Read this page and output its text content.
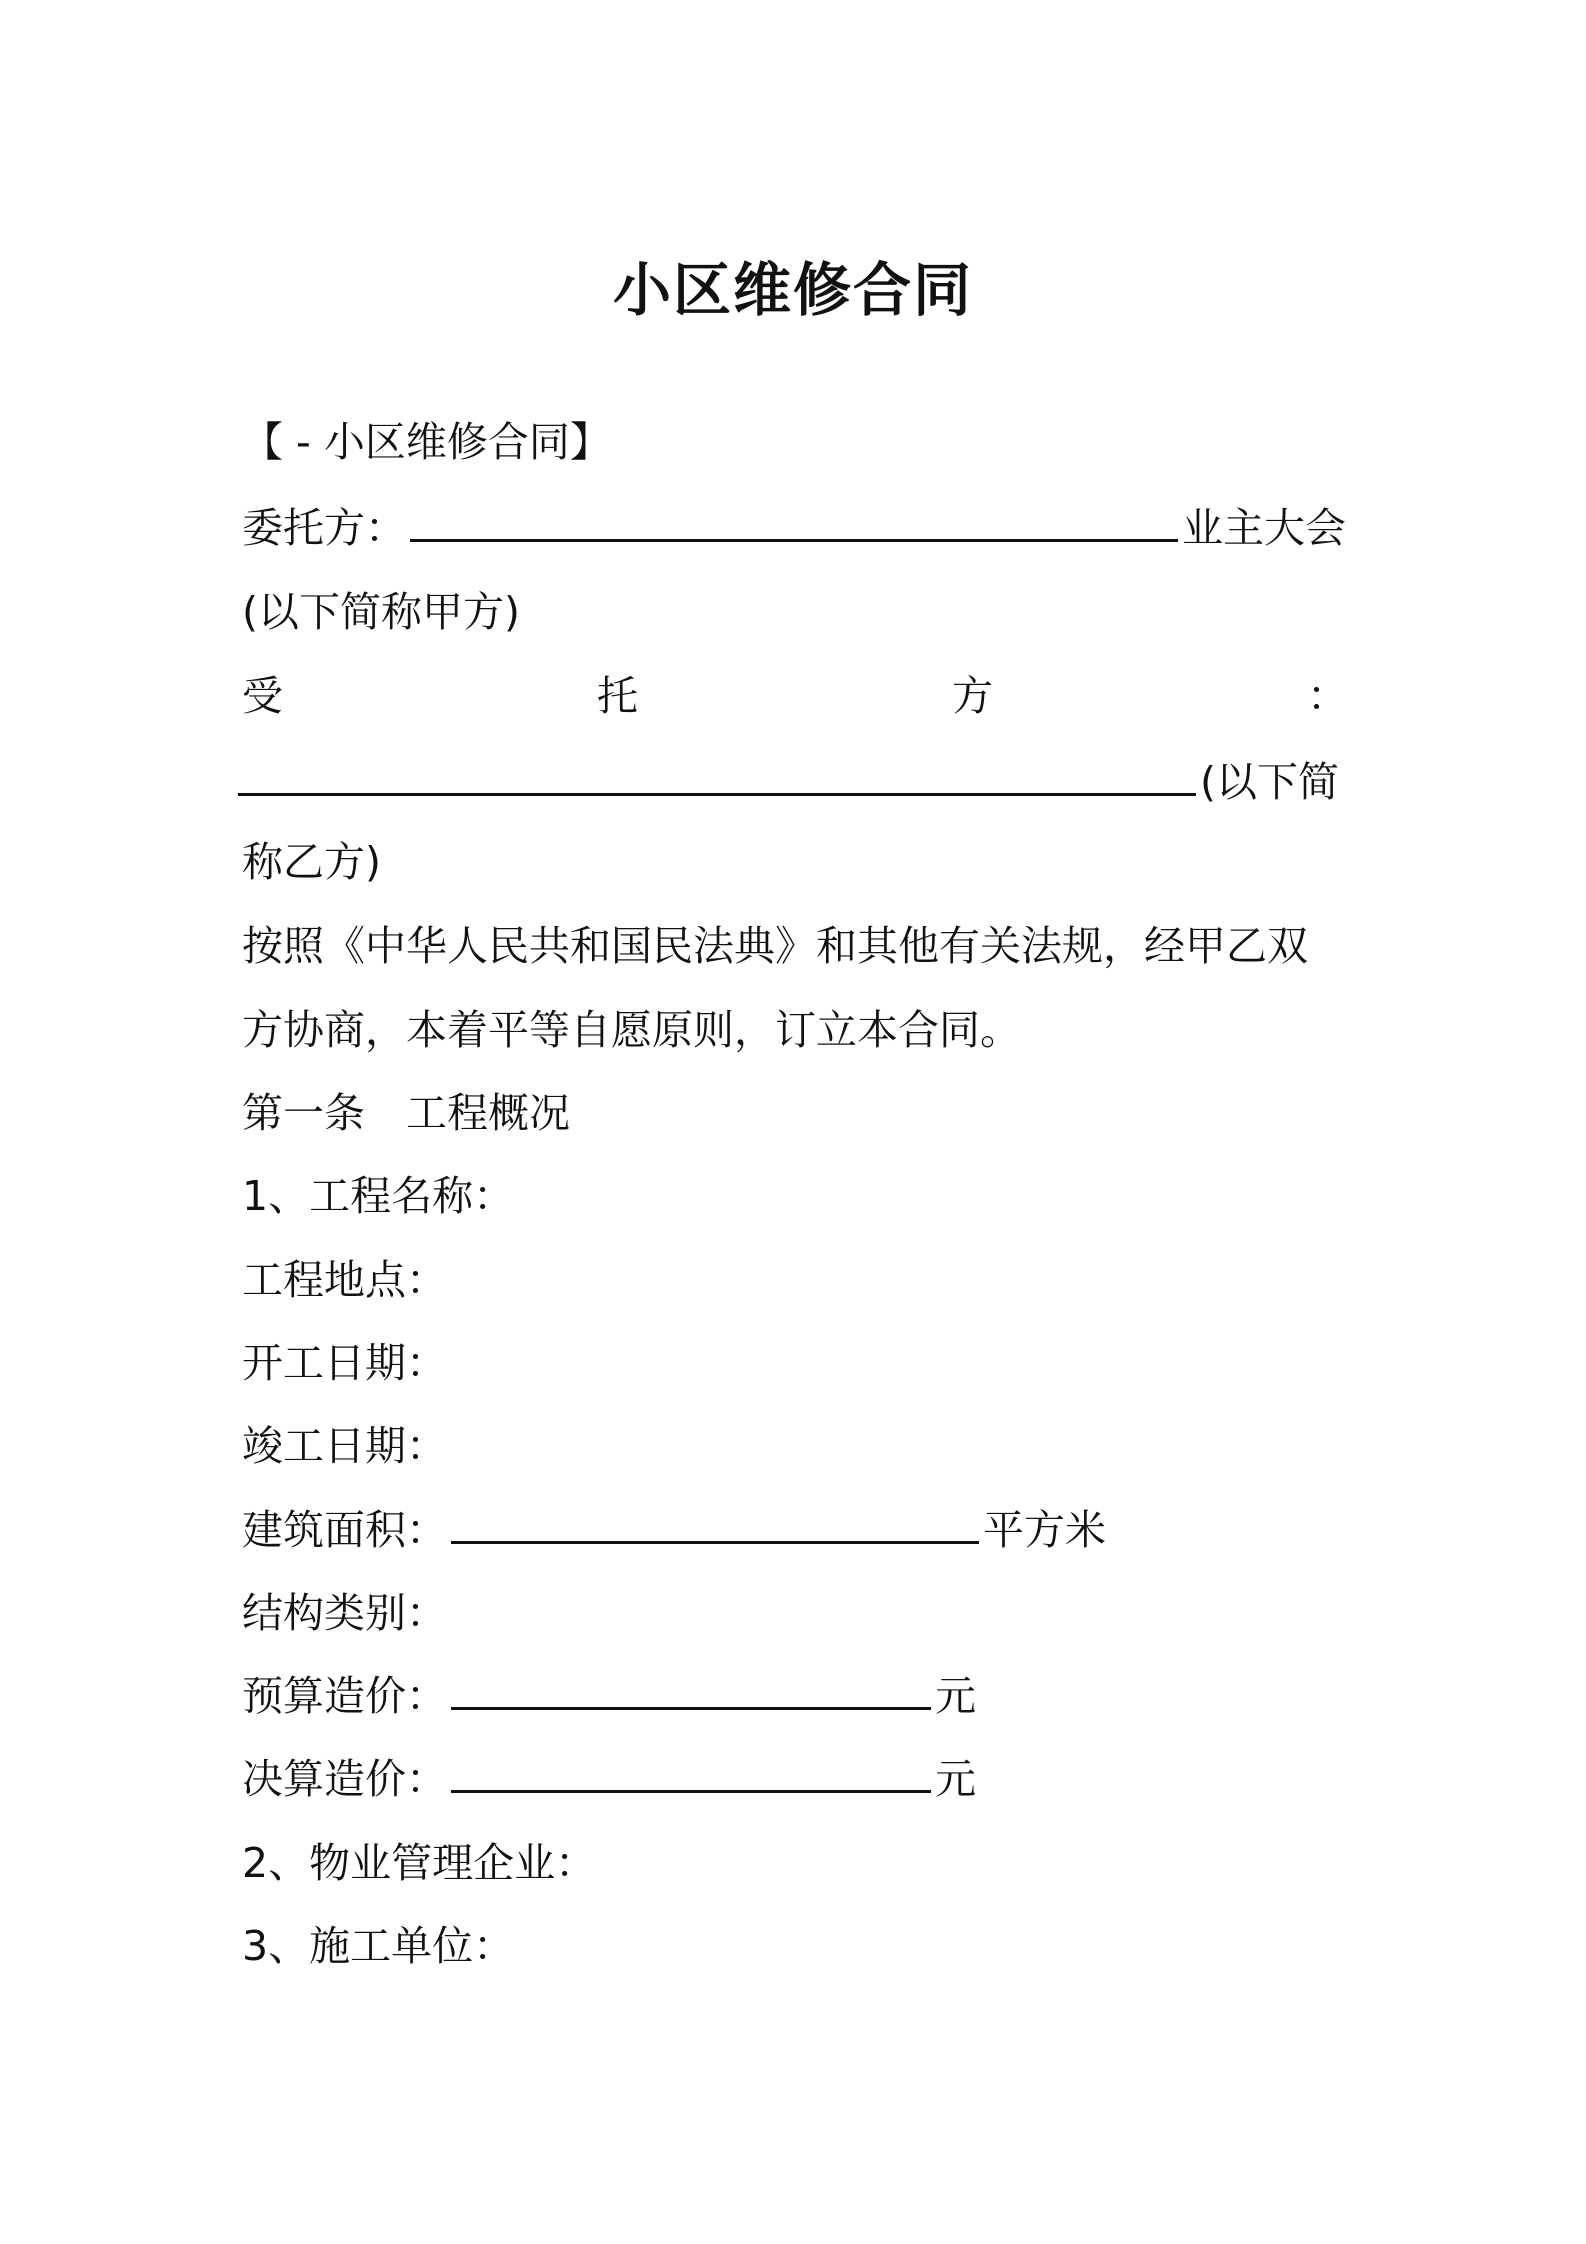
小区维修合同
【 - 小区维修合同】
委托方：	业主大会
(以下简称甲方)
受	托	方	：
(以下简
称乙方)
按照《中华人民共和国民法典》和其他有关法规，经甲乙双
方协商，本着平等自愿原则，订立本合同。
第一条　工程概况
1、工程名称：
工程地点：
开工日期：
竣工日期：
建筑面积：	平方米
结构类别：
预算造价：	元
决算造价：	元
2、物业管理企业：
3、施工单位：
